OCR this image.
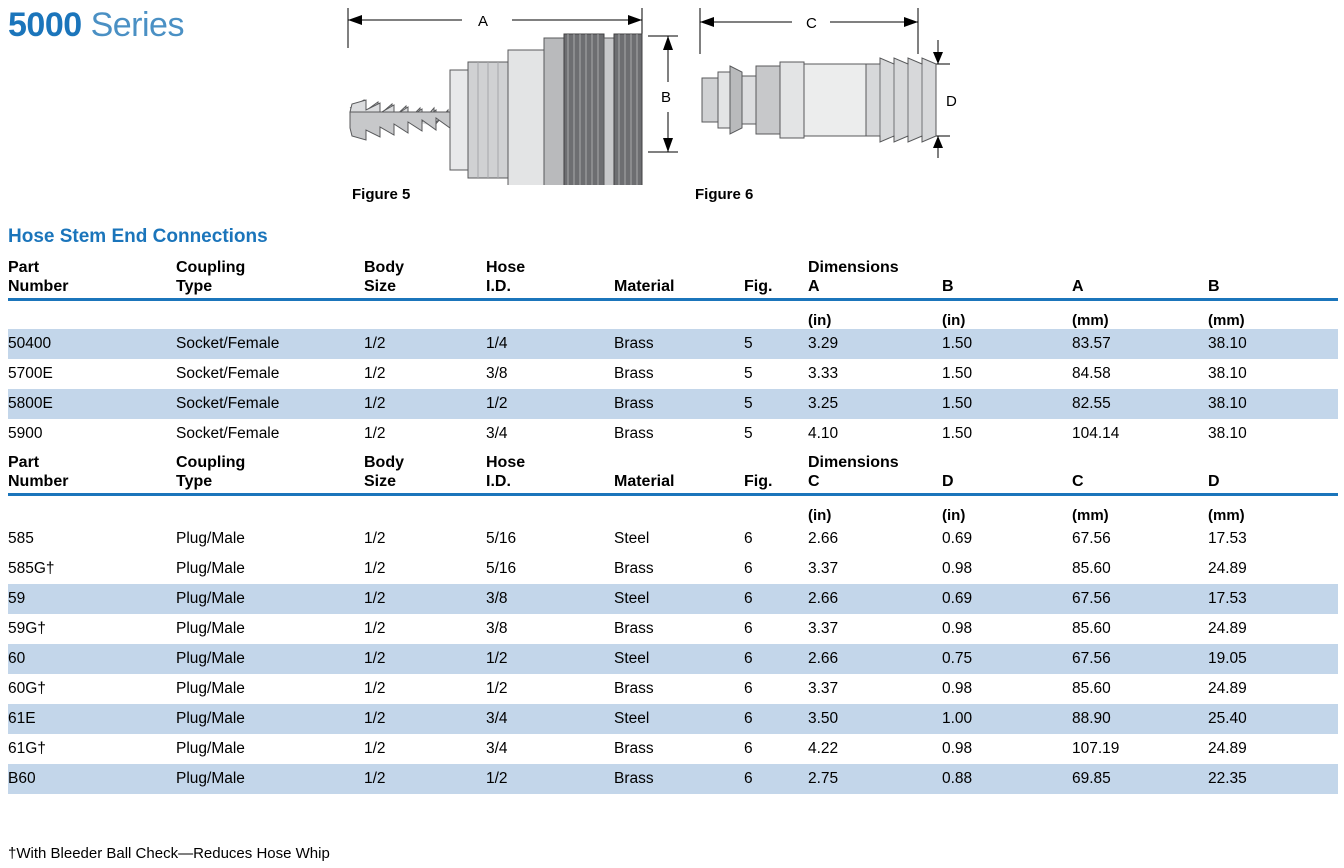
5000 Series	A
B
C
D
Figure 5	Figure 6
Hose Stem End Connections
Part	Coupling	Body	Hose			Dimensions			
Number	Type	Size	I.D.	Material	Fig.	A	B	A	B

						(in)	(in)	(mm)	(mm)
50400	Socket/Female	1/2	1/4	Brass	5	3.29	1.50	83.57	38.10
5700E	Socket/Female	1/2	3/8	Brass	5	3.33	1.50	84.58	38.10
5800E	Socket/Female	1/2	1/2	Brass	5	3.25	1.50	82.55	38.10
5900	Socket/Female	1/2	3/4	Brass	5	4.10	1.50	104.14	38.10
Part	Coupling	Body	Hose			Dimensions			
Number	Type	Size	I.D.	Material	Fig.	C	D	C	D

						(in)	(in)	(mm)	(mm)
585	Plug/Male	1/2	5/16	Steel	6	2.66	0.69	67.56	17.53
585G†	Plug/Male	1/2	5/16	Brass	6	3.37	0.98	85.60	24.89
59	Plug/Male	1/2	3/8	Steel	6	2.66	0.69	67.56	17.53
59G†	Plug/Male	1/2	3/8	Brass	6	3.37	0.98	85.60	24.89
60	Plug/Male	1/2	1/2	Steel	6	2.66	0.75	67.56	19.05
60G†	Plug/Male	1/2	1/2	Brass	6	3.37	0.98	85.60	24.89
61E	Plug/Male	1/2	3/4	Steel	6	3.50	1.00	88.90	25.40
61G†	Plug/Male	1/2	3/4	Brass	6	4.22	0.98	107.19	24.89
B60	Plug/Male	1/2	1/2	Brass	6	2.75	0.88	69.85	22.35
†With Bleeder Ball Check—Reduces Hose Whip
